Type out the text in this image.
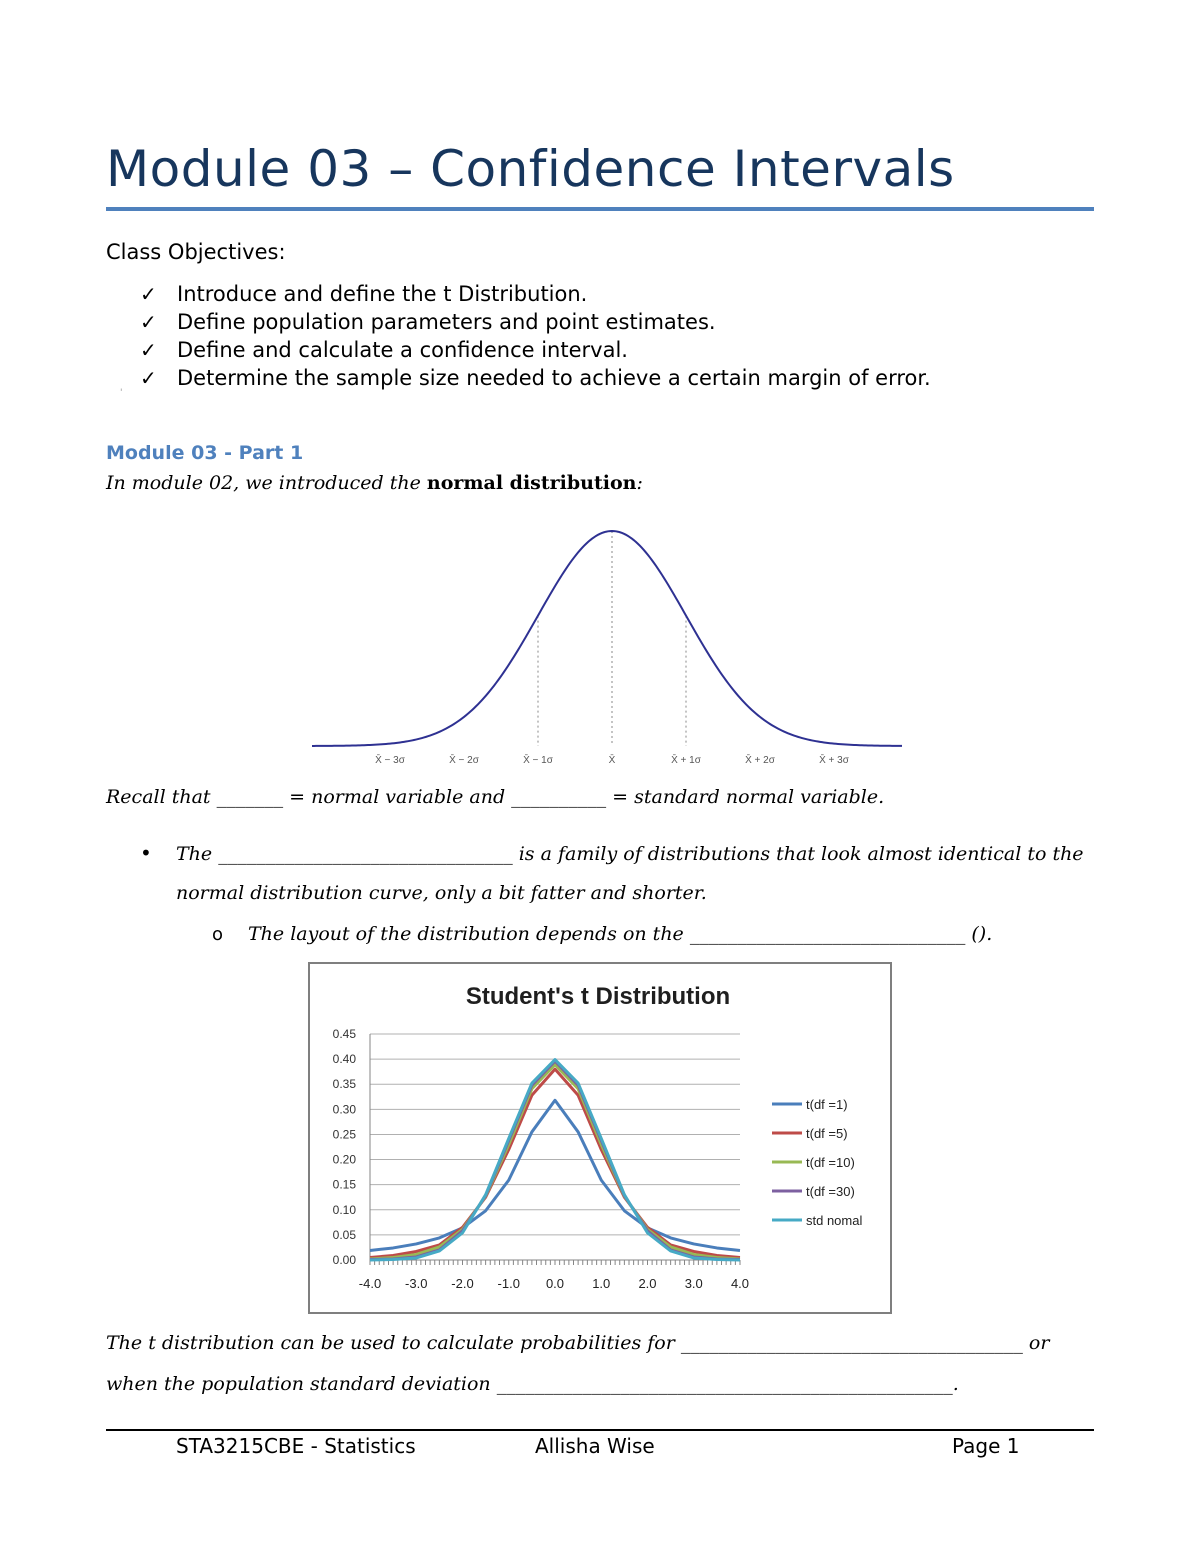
Module 03 – Confidence Intervals
Class Objectives:
✓ Introduce and define the t Distribution.
✓ Define population parameters and point estimates.
✓ Define and calculate a confidence interval.
✓ Determine the sample size needed to achieve a certain margin of error.
'
Module 03 - Part 1
In module 02, we introduced the normal distribution:
X̄ − 3σ	X̄ − 2σ	X̄ − 1σ	X̄	X̄ + 1σ	X̄ + 2σ	X̄ + 3σ
Recall that _______ = normal variable and __________ = standard normal variable.
• The _______________________________ is a family of distributions that look almost identical to the
normal distribution curve, only a bit fatter and shorter.
o The layout of the distribution depends on the _____________________________ ().
Student's t Distribution
0.00
0.05
0.10
0.15
0.20
0.25
0.30
0.35
0.40
0.45
-4.0 -3.0 -2.0 -1.0 0.0 1.0 2.0 3.0 4.0
t(df =1)
t(df =5)
t(df =10)
t(df =30)
std nomal
The t distribution can be used to calculate probabilities for ____________________________________ or
when the population standard deviation ________________________________________________.
STA3215CBE - Statistics	Allisha Wise	Page 1
